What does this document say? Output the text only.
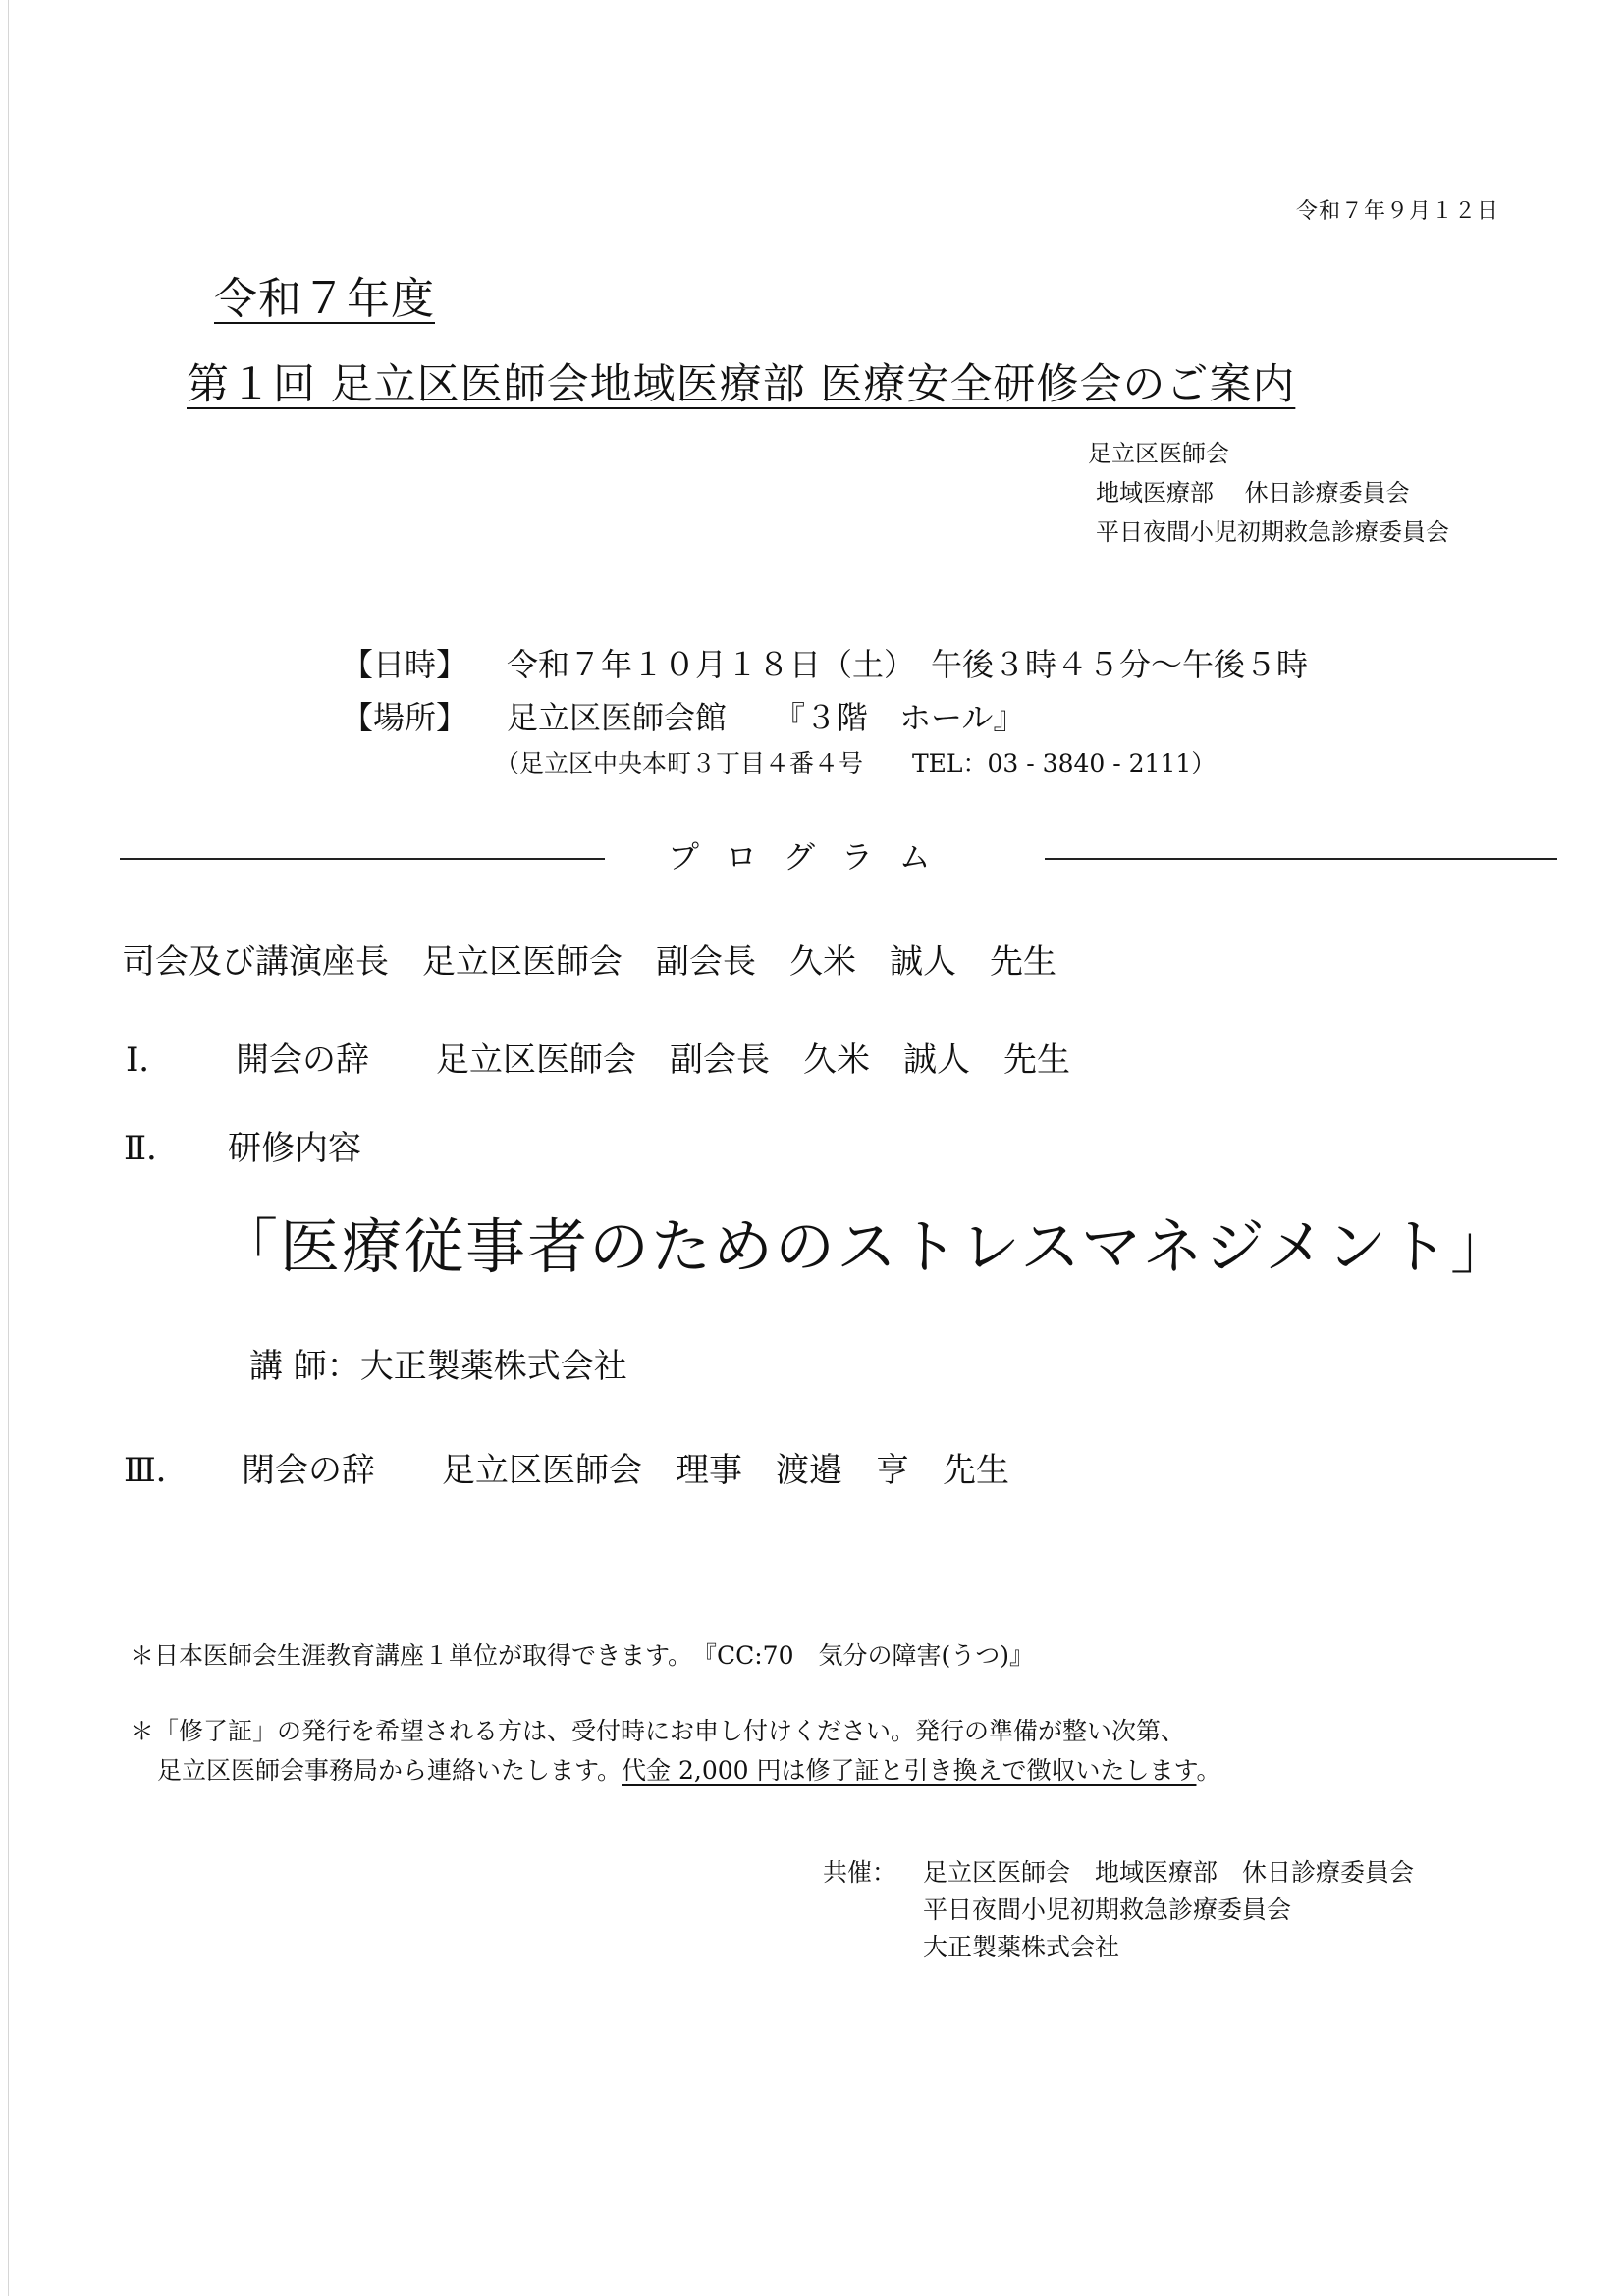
令和７年９月１２日
令和７年度
第１回 足立区医師会地域医療部 医療安全研修会のご案内
足立区医師会
地域医療部　 休日診療委員会
平日夜間小児初期救急診療委員会
【日時】 令和７年１０月１８日（土）　午後３時４５分～午後５時
【場所】 足立区医師会館　　『３階　ホール』
（足立区中央本町３丁目４番４号　　TEL：03 - 3840 - 2111）
プログラム
司会及び講演座長　足立区医師会　副会長　久米　誠人　先生
Ⅰ． 開会の辞　　足立区医師会　副会長　久米　誠人　先生
Ⅱ． 研修内容
「医療従事者のためのストレスマネジメント」
講 師：大正製薬株式会社
Ⅲ． 閉会の辞　　足立区医師会　理事　渡邉　亨　先生
＊日本医師会生涯教育講座１単位が取得できます。　『CC:70　気分の障害(うつ)』
＊「修了証」の発行を希望される方は、受付時にお申し付けください。発行の準備が整い次第、
足立区医師会事務局から連絡いたします。代金 2,000 円は修了証と引き換えで徴収いたします。
共催： 足立区医師会　地域医療部　休日診療委員会
平日夜間小児初期救急診療委員会
大正製薬株式会社
